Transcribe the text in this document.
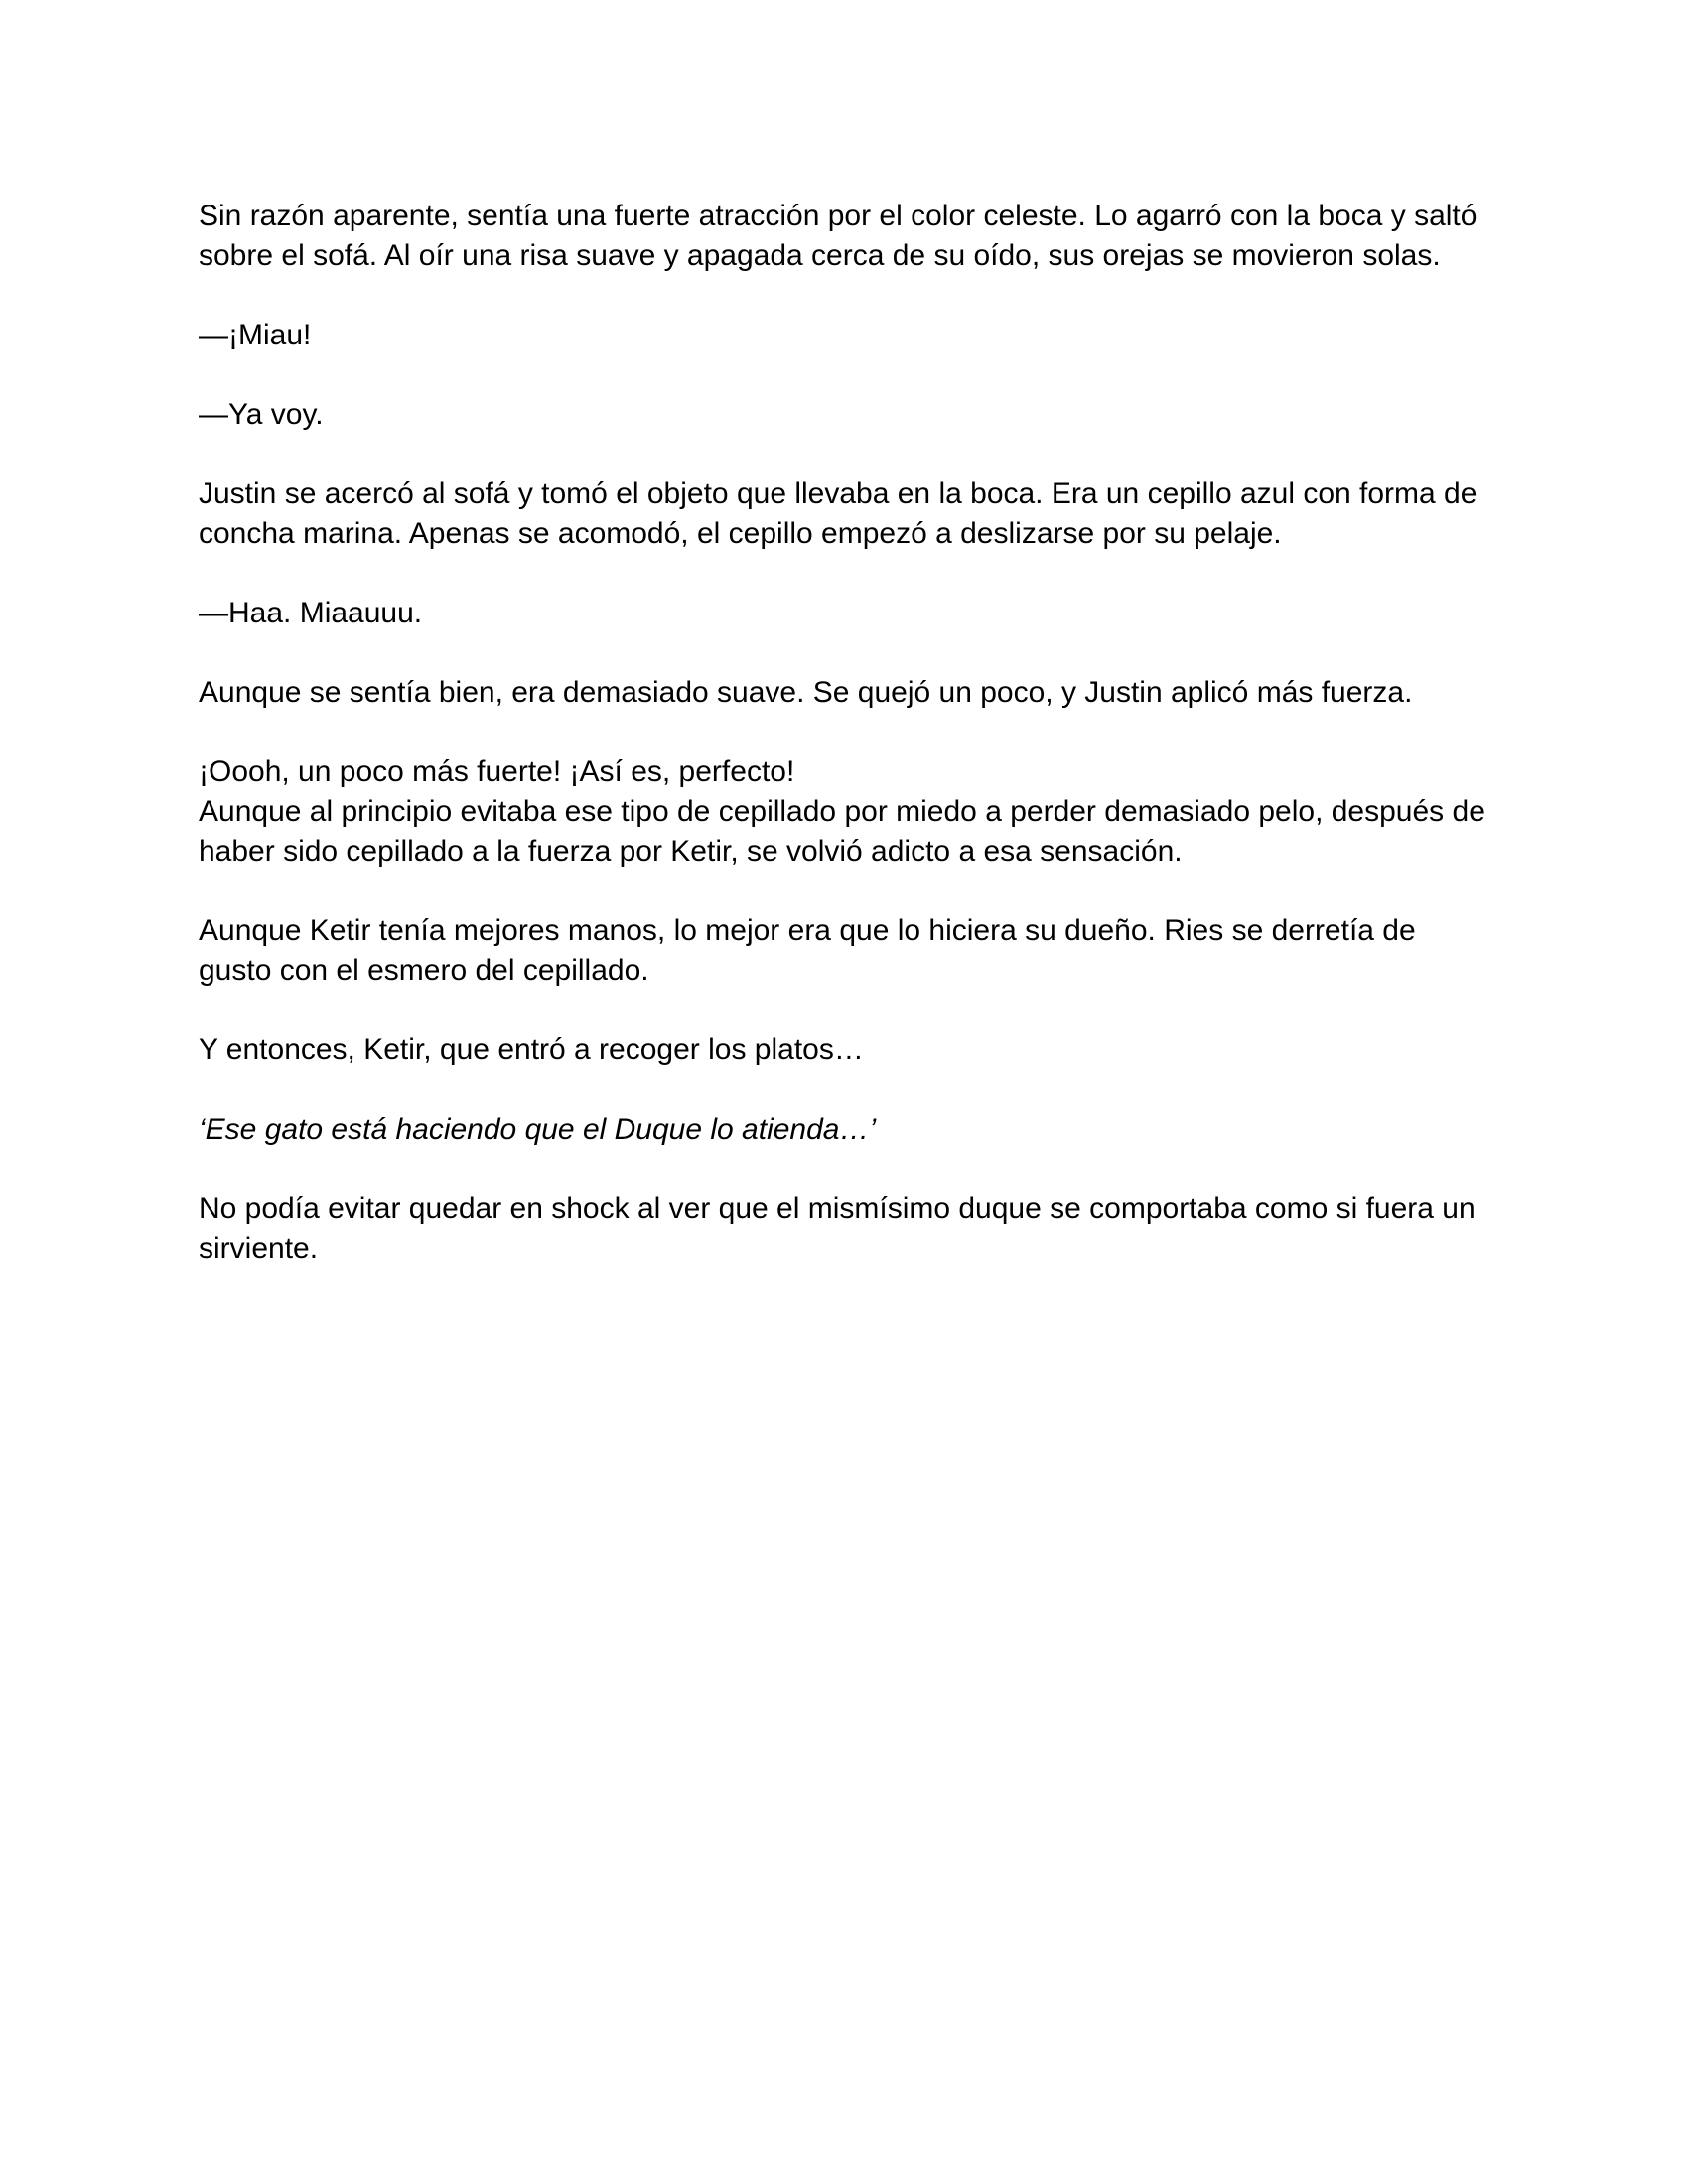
Sin razón aparente, sentía una fuerte atracción por el color celeste. Lo agarró con la boca y saltó sobre el sofá. Al oír una risa suave y apagada cerca de su oído, sus orejas se movieron solas.

—¡Miau!

—Ya voy.

Justin se acercó al sofá y tomó el objeto que llevaba en la boca. Era un cepillo azul con forma de concha marina. Apenas se acomodó, el cepillo empezó a deslizarse por su pelaje.

—Haa. Miaauuu.

Aunque se sentía bien, era demasiado suave. Se quejó un poco, y Justin aplicó más fuerza.

¡Oooh, un poco más fuerte! ¡Así es, perfecto!

Aunque al principio evitaba ese tipo de cepillado por miedo a perder demasiado pelo, después de haber sido cepillado a la fuerza por Ketir, se volvió adicto a esa sensación.

Aunque Ketir tenía mejores manos, lo mejor era que lo hiciera su dueño. Ries se derretía de gusto con el esmero del cepillado.

Y entonces, Ketir, que entró a recoger los platos…

‘Ese gato está haciendo que el Duque lo atienda…’

No podía evitar quedar en shock al ver que el mismísimo duque se comportaba como si fuera un sirviente.
